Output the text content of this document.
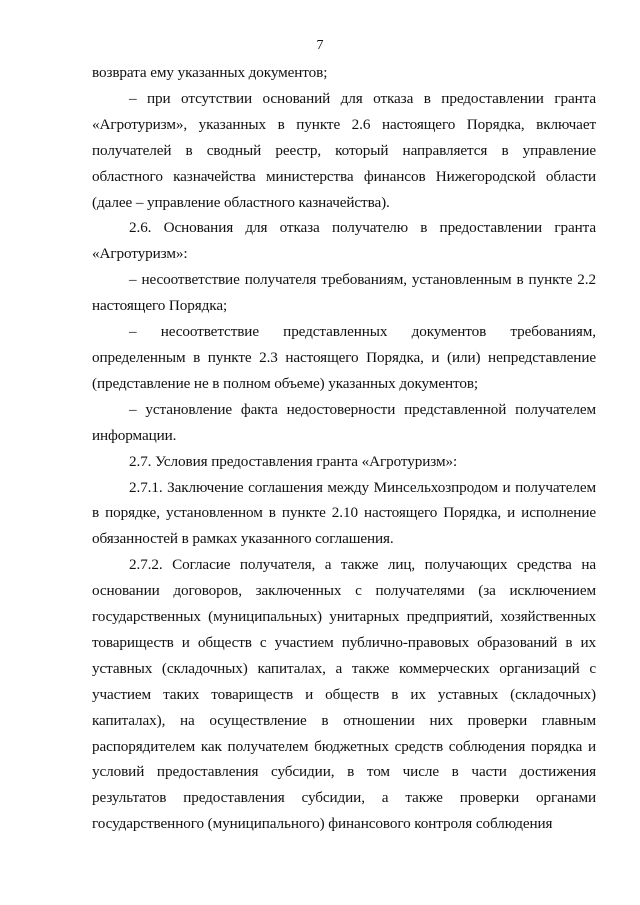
7

возврата ему указанных документов;

– при отсутствии оснований для отказа в предоставлении гранта «Агротуризм», указанных в пункте 2.6 настоящего Порядка, включает получателей в сводный реестр, который направляется в управление областного казначейства министерства финансов Нижегородской области (далее – управление областного казначейства).

2.6. Основания для отказа получателю в предоставлении гранта «Агротуризм»:

– несоответствие получателя требованиям, установленным в пункте 2.2 настоящего Порядка;

– несоответствие представленных документов требованиям, определенным в пункте 2.3 настоящего Порядка, и (или) непредставление (представление не в полном объеме) указанных документов;

– установление факта недостоверности представленной получателем информации.

2.7. Условия предоставления гранта «Агротуризм»:

2.7.1. Заключение соглашения между Минсельхозпродом и получателем в порядке, установленном в пункте 2.10 настоящего Порядка, и исполнение обязанностей в рамках указанного соглашения.

2.7.2. Согласие получателя, а также лиц, получающих средства на основании договоров, заключенных с получателями (за исключением государственных (муниципальных) унитарных предприятий, хозяйственных товариществ и обществ с участием публично-правовых образований в их уставных (складочных) капиталах, а также коммерческих организаций с участием таких товариществ и обществ в их уставных (складочных) капиталах), на осуществление в отношении них проверки главным распорядителем как получателем бюджетных средств соблюдения порядка и условий предоставления субсидии, в том числе в части достижения результатов предоставления субсидии, а также проверки органами государственного (муниципального) финансового контроля соблюдения
